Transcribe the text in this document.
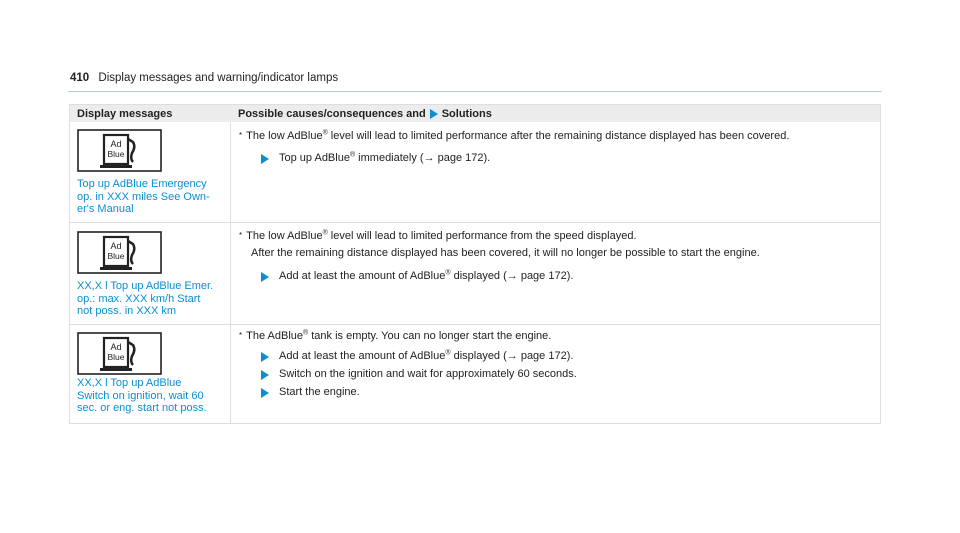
410 Display messages and warning/indicator lamps
Display messages	Possible causes/consequences and Solutions
Ad
Blue
Top up AdBlue Emergency
op. in XXX miles See Own-
er's Manual
* The low AdBlue® level will lead to limited performance after the remaining distance displayed has been covered.
Top up AdBlue® immediately (→ page 172).
Ad
Blue
XX,X l Top up AdBlue Emer.
op.: max. XXX km/h Start
not poss. in XXX km
* The low AdBlue® level will lead to limited performance from the speed displayed.
After the remaining distance displayed has been covered, it will no longer be possible to start the engine.
Add at least the amount of AdBlue® displayed (→ page 172).
Ad
Blue
XX,X l Top up AdBlue
Switch on ignition, wait 60
sec. or eng. start not poss.
* The AdBlue® tank is empty. You can no longer start the engine.
Add at least the amount of AdBlue® displayed (→ page 172).
Switch on the ignition and wait for approximately 60 seconds.
Start the engine.
